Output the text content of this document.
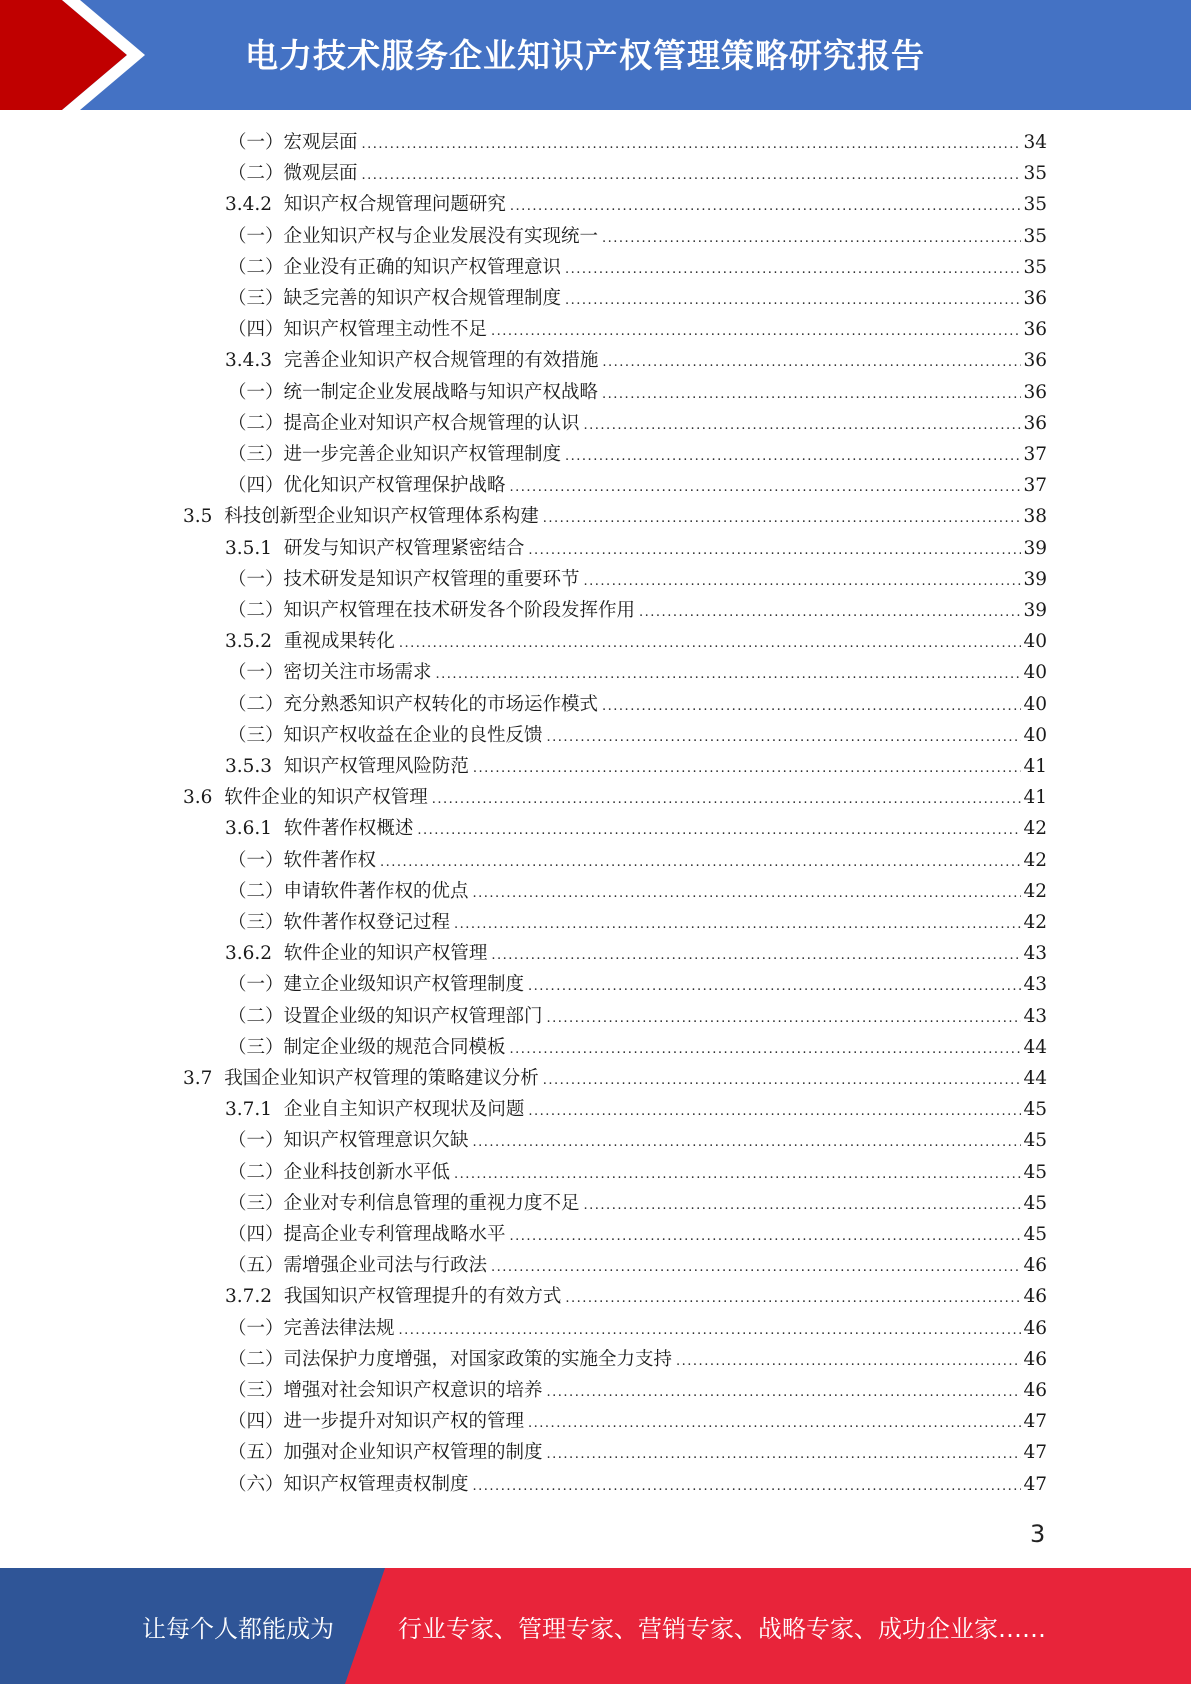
电力技术服务企业知识产权管理策略研究报告
（一） 宏观层面 .....	34
（二） 微观层面 .....	35
3.4.2 知识产权合规管理问题研究 .....	35
（一） 企业知识产权与企业发展没有实现统一 .....	35
（二） 企业没有正确的知识产权管理意识 .....	35
（三） 缺乏完善的知识产权合规管理制度 .....	36
（四） 知识产权管理主动性不足 .....	36
3.4.3 完善企业知识产权合规管理的有效措施 .....	36
（一） 统一制定企业发展战略与知识产权战略 .....	36
（二） 提高企业对知识产权合规管理的认识 .....	36
（三） 进一步完善企业知识产权管理制度 .....	37
（四） 优化知识产权管理保护战略 .....	37
3.5 科技创新型企业知识产权管理体系构建 .....	38
3.5.1 研发与知识产权管理紧密结合 .....	39
（一） 技术研发是知识产权管理的重要环节 .....	39
（二） 知识产权管理在技术研发各个阶段发挥作用 .....	39
3.5.2 重视成果转化 .....	40
（一） 密切关注市场需求 .....	40
（二） 充分熟悉知识产权转化的市场运作模式 .....	40
（三） 知识产权收益在企业的良性反馈 .....	40
3.5.3 知识产权管理风险防范 .....	41
3.6 软件企业的知识产权管理 .....	41
3.6.1 软件著作权概述 .....	42
（一） 软件著作权 .....	42
（二） 申请软件著作权的优点 .....	42
（三） 软件著作权登记过程 .....	42
3.6.2 软件企业的知识产权管理 .....	43
（一） 建立企业级知识产权管理制度 .....	43
（二） 设置企业级的知识产权管理部门 .....	43
（三） 制定企业级的规范合同模板 .....	44
3.7 我国企业知识产权管理的策略建议分析 .....	44
3.7.1 企业自主知识产权现状及问题 .....	45
（一） 知识产权管理意识欠缺 .....	45
（二） 企业科技创新水平低 .....	45
（三） 企业对专利信息管理的重视力度不足 .....	45
（四） 提高企业专利管理战略水平 .....	45
（五） 需增强企业司法与行政法 .....	46
3.7.2 我国知识产权管理提升的有效方式 .....	46
（一） 完善法律法规 .....	46
（二） 司法保护力度增强，对国家政策的实施全力支持 .....	46
（三） 增强对社会知识产权意识的培养 .....	46
（四） 进一步提升对知识产权的管理 .....	47
（五） 加强对企业知识产权管理的制度 .....	47
（六） 知识产权管理责权制度 .....	47
3
让每个人都能成为	行业专家、管理专家、营销专家、战略专家、成功企业家……
